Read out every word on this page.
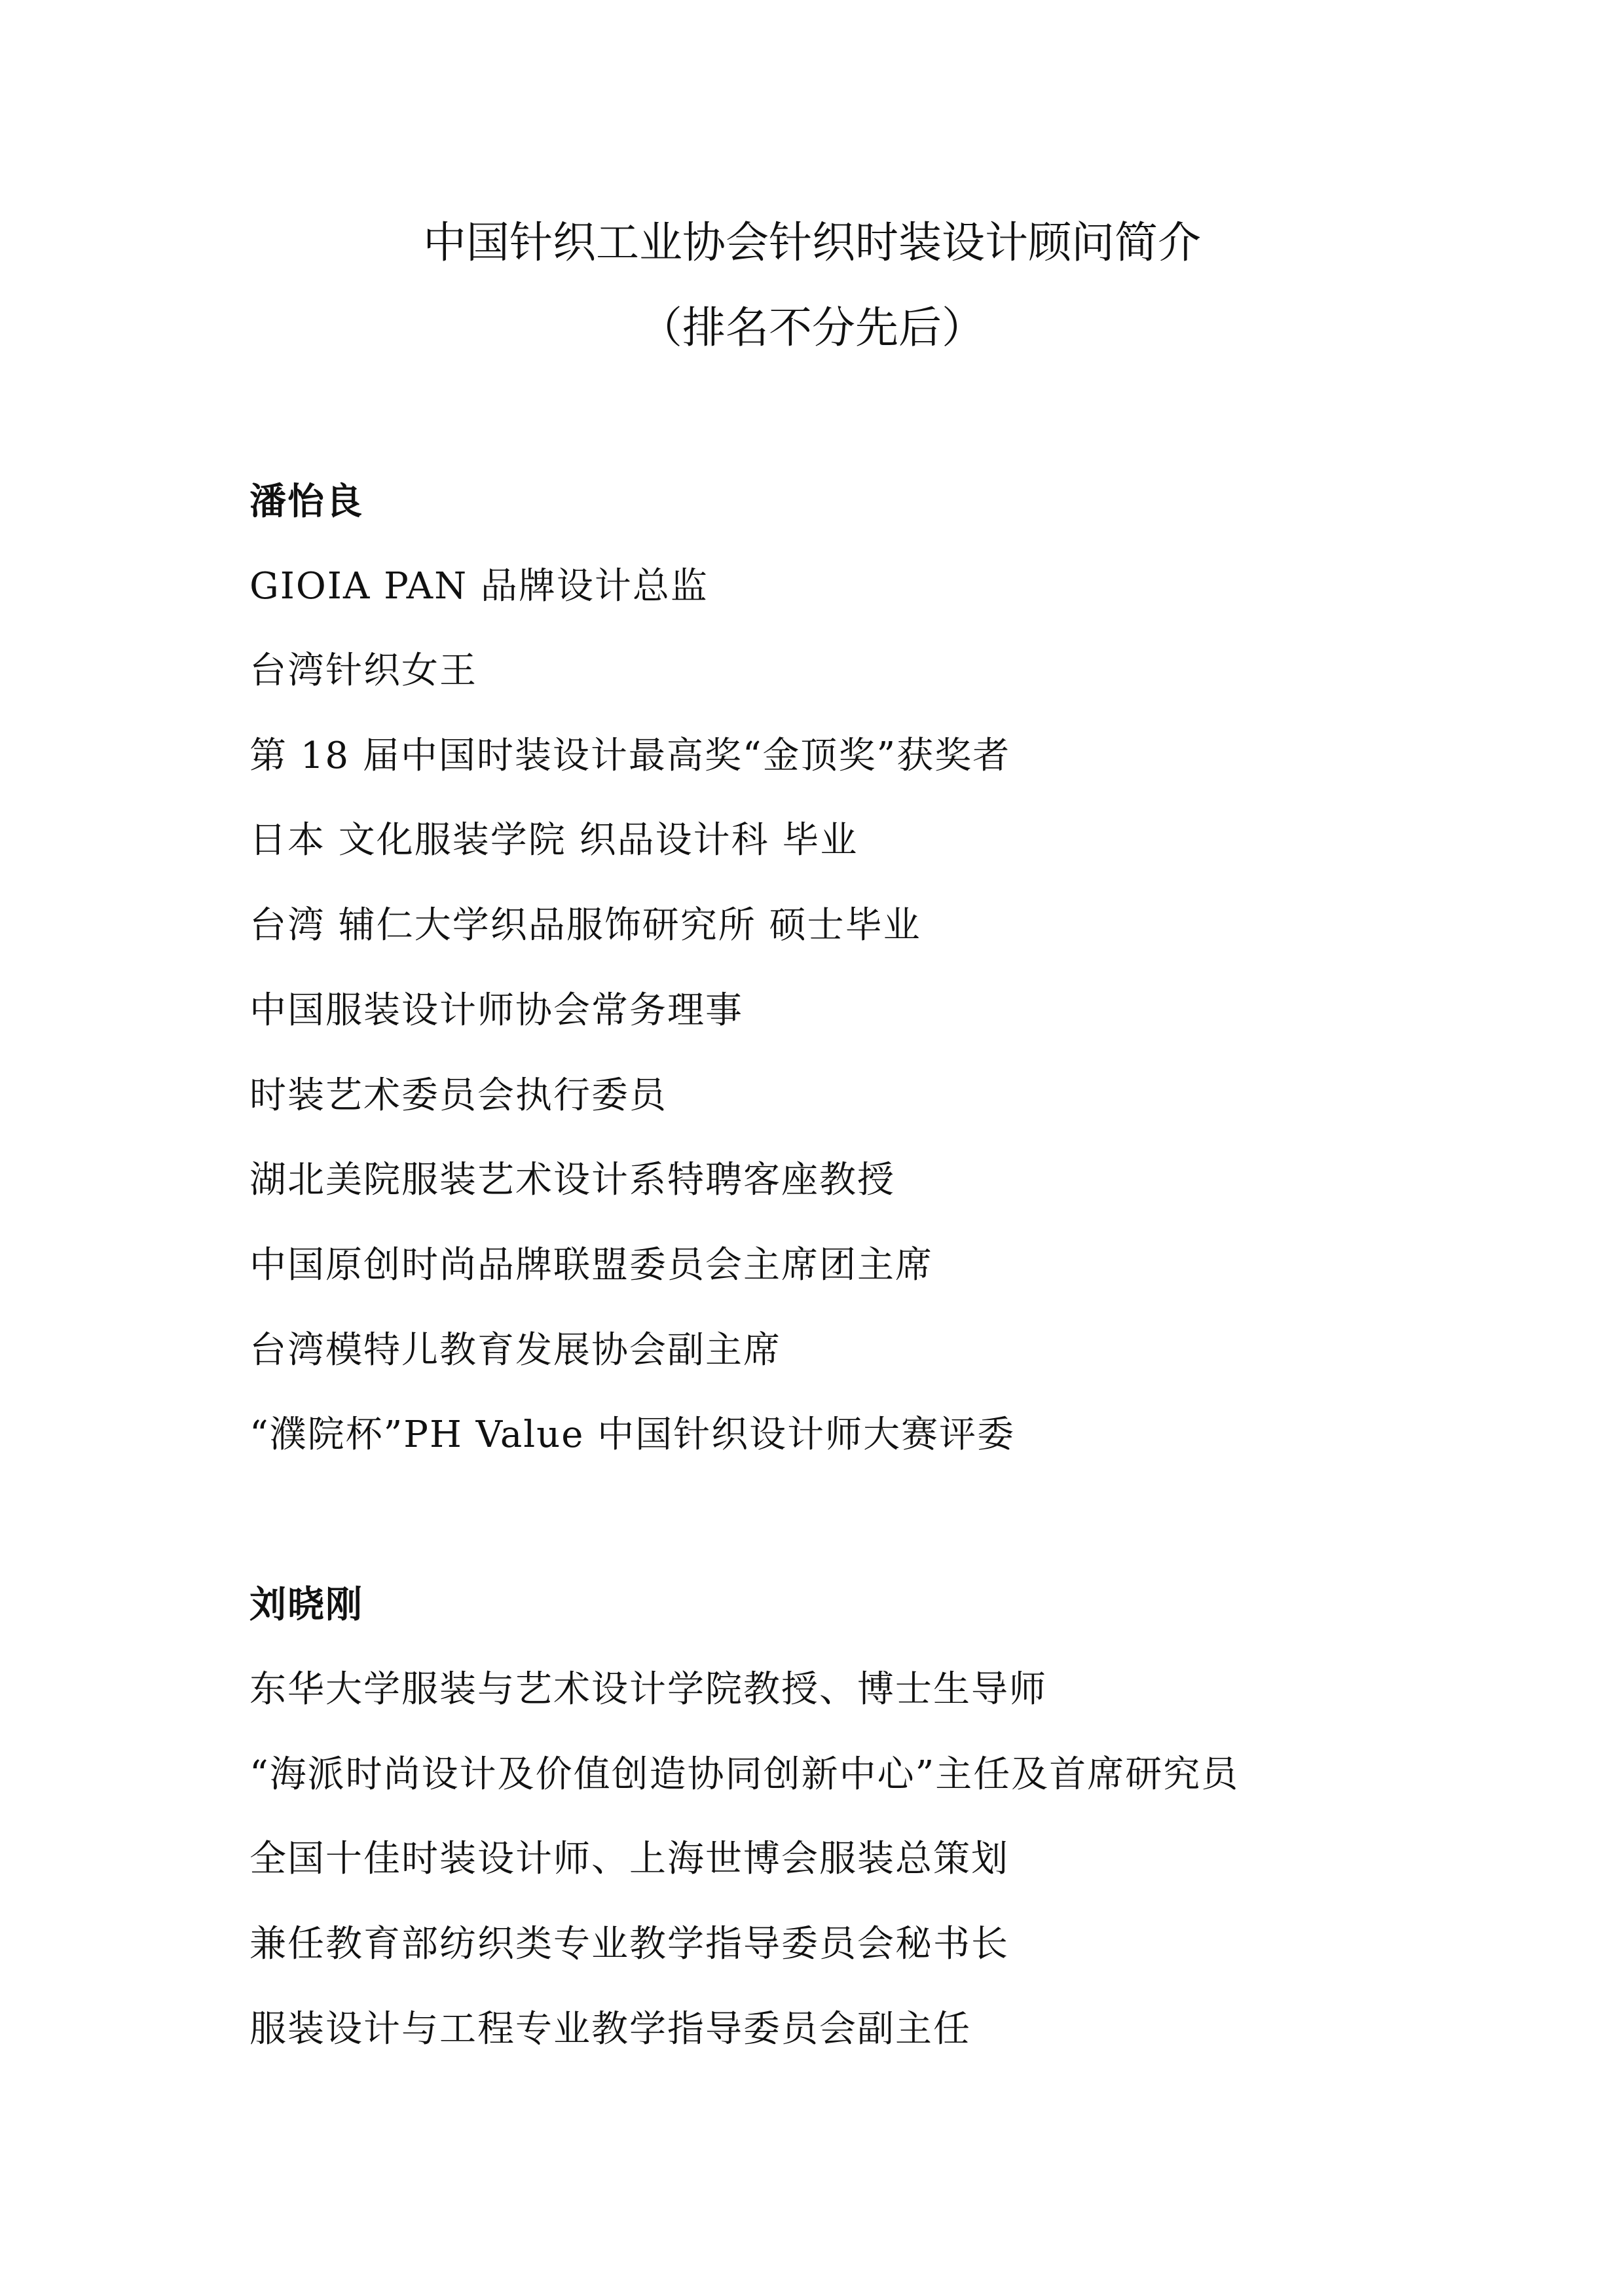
中国针织工业协会针织时装设计顾问简介
（排名不分先后）
潘怡良
GIOIA PAN 品牌设计总监
台湾针织女王
第 18 届中国时装设计最高奖“金顶奖”获奖者
日本 文化服装学院 织品设计科 毕业
台湾 辅仁大学织品服饰研究所 硕士毕业
中国服装设计师协会常务理事
时装艺术委员会执行委员
湖北美院服装艺术设计系特聘客座教授
中国原创时尚品牌联盟委员会主席团主席
台湾模特儿教育发展协会副主席
“濮院杯”PH Value 中国针织设计师大赛评委
刘晓刚
东华大学服装与艺术设计学院教授、博士生导师
“海派时尚设计及价值创造协同创新中心”主任及首席研究员
全国十佳时装设计师、上海世博会服装总策划
兼任教育部纺织类专业教学指导委员会秘书长
服装设计与工程专业教学指导委员会副主任
